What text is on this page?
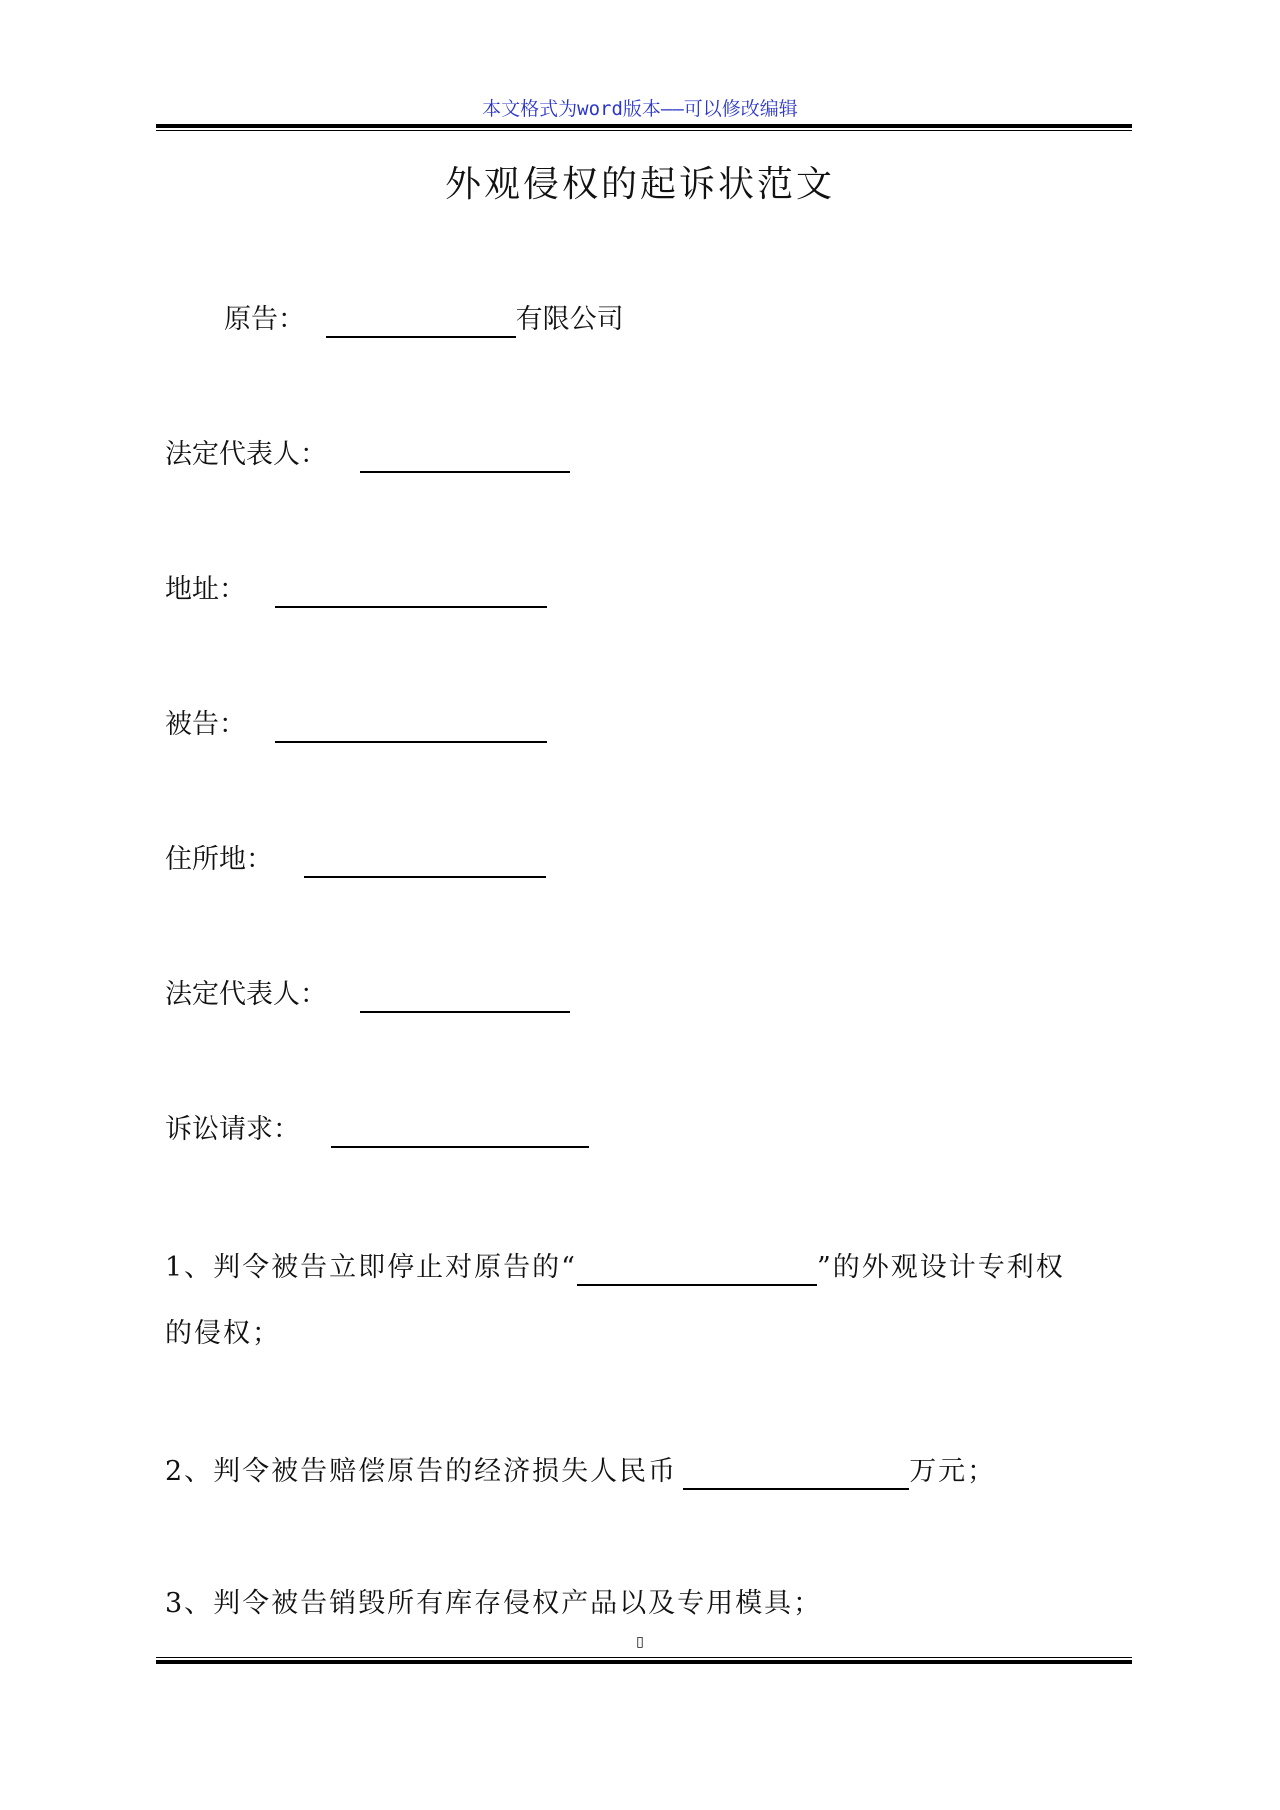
本文格式为word版本——可以修改编辑
外观侵权的起诉状范文
原告：	有限公司
法定代表人：
地址：
被告：
住所地：
法定代表人：
诉讼请求：
1、判令被告立即停止对原告的“	”的外观设计专利权
的侵权；
2、判令被告赔偿原告的经济损失人民币	万元；
3、判令被告销毁所有库存侵权产品以及专用模具；
▯
